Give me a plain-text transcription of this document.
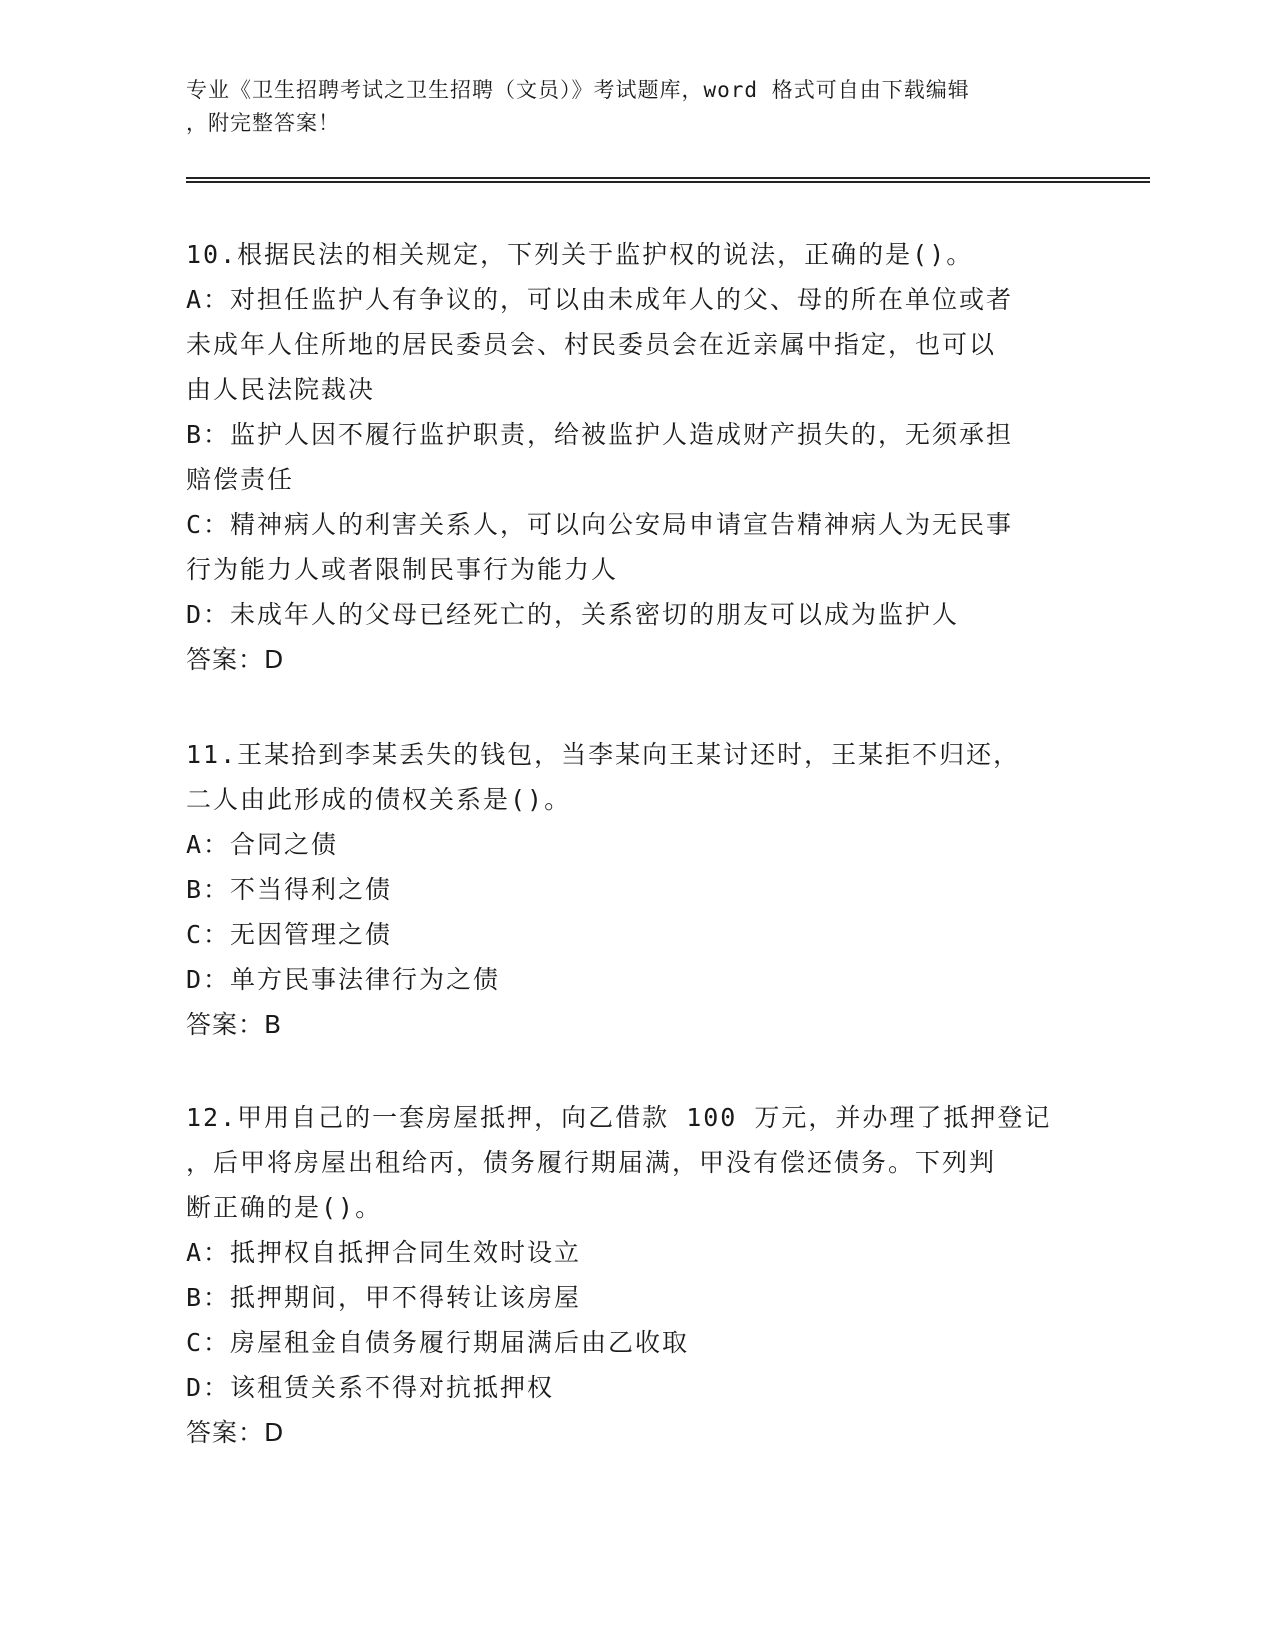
专业《卫生招聘考试之卫生招聘（文员）》考试题库，word 格式可自由下载编辑

，附完整答案！

10.根据民法的相关规定，下列关于监护权的说法，正确的是()。

A：对担任监护人有争议的，可以由未成年人的父、母的所在单位或者

未成年人住所地的居民委员会、村民委员会在近亲属中指定，也可以

由人民法院裁决

B：监护人因不履行监护职责，给被监护人造成财产损失的，无须承担

赔偿责任

C：精神病人的利害关系人，可以向公安局申请宣告精神病人为无民事

行为能力人或者限制民事行为能力人

D：未成年人的父母已经死亡的，关系密切的朋友可以成为监护人

答案：D

11.王某拾到李某丢失的钱包，当李某向王某讨还时，王某拒不归还，

二人由此形成的债权关系是()。

A：合同之债

B：不当得利之债

C：无因管理之债

D：单方民事法律行为之债

答案：B

12.甲用自己的一套房屋抵押，向乙借款 100 万元，并办理了抵押登记

，后甲将房屋出租给丙，债务履行期届满，甲没有偿还债务。下列判

断正确的是()。

A：抵押权自抵押合同生效时设立

B：抵押期间，甲不得转让该房屋

C：房屋租金自债务履行期届满后由乙收取

D：该租赁关系不得对抗抵押权

答案：D
